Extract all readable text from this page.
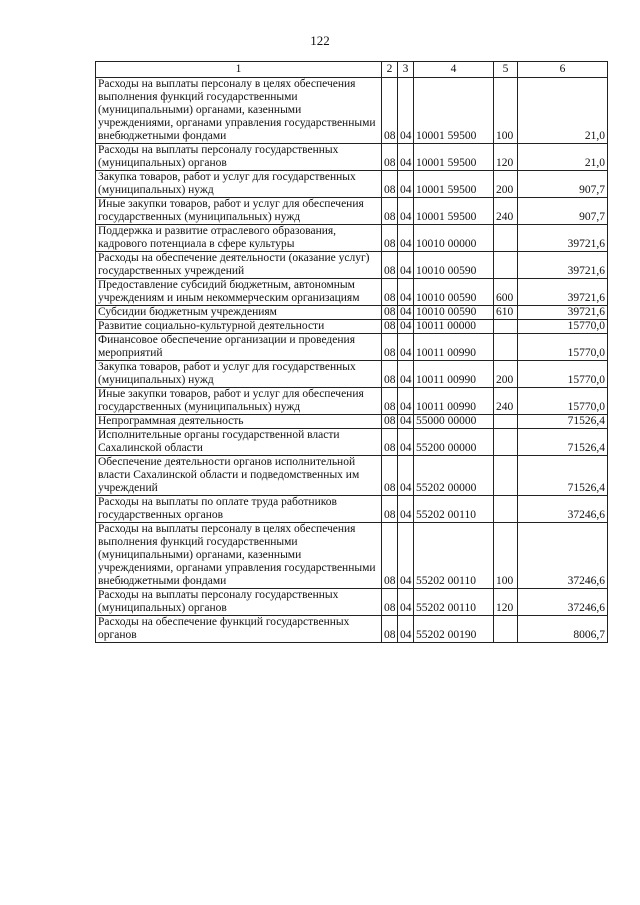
122
1	2	3	4	5	6
Расходы на выплаты персоналу в целях обеспечения выполнения функций государственными (муниципальными) органами, казенными учреждениями, органами управления государственными внебюджетными фондами	08	04	10001 59500	100	21,0
Расходы на выплаты персоналу государственных (муниципальных) органов	08	04	10001 59500	120	21,0
Закупка товаров, работ и услуг для государственных (муниципальных) нужд	08	04	10001 59500	200	907,7
Иные закупки товаров, работ и услуг для обеспечения государственных (муниципальных) нужд	08	04	10001 59500	240	907,7
Поддержка и развитие отраслевого образования, кадрового потенциала в сфере культуры	08	04	10010 00000		39721,6
Расходы на обеспечение деятельности (оказание услуг) государственных учреждений	08	04	10010 00590		39721,6
Предоставление субсидий бюджетным, автономным учреждениям и иным некоммерческим организациям	08	04	10010 00590	600	39721,6
Субсидии бюджетным учреждениям	08	04	10010 00590	610	39721,6
Развитие социально-культурной деятельности	08	04	10011 00000		15770,0
Финансовое обеспечение организации и проведения мероприятий	08	04	10011 00990		15770,0
Закупка товаров, работ и услуг для государственных (муниципальных) нужд	08	04	10011 00990	200	15770,0
Иные закупки товаров, работ и услуг для обеспечения государственных (муниципальных) нужд	08	04	10011 00990	240	15770,0
Непрограммная деятельность	08	04	55000 00000		71526,4
Исполнительные органы государственной власти Сахалинской области	08	04	55200 00000		71526,4
Обеспечение деятельности органов исполнительной власти Сахалинской области и подведомственных им учреждений	08	04	55202 00000		71526,4
Расходы на выплаты по оплате труда работников государственных органов	08	04	55202 00110		37246,6
Расходы на выплаты персоналу в целях обеспечения выполнения функций государственными (муниципальными) органами, казенными учреждениями, органами управления государственными внебюджетными фондами	08	04	55202 00110	100	37246,6
Расходы на выплаты персоналу государственных (муниципальных) органов	08	04	55202 00110	120	37246,6
Расходы на обеспечение функций государственных органов	08	04	55202 00190		8006,7
